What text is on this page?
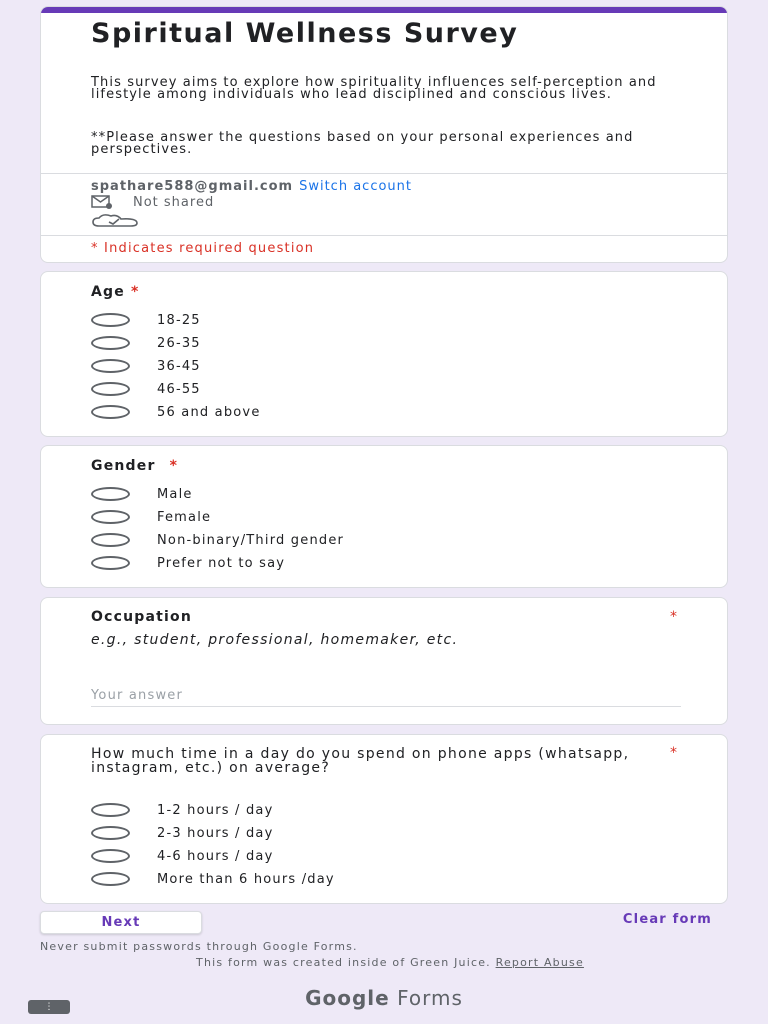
Spiritual Wellness Survey
This survey aims to explore how spirituality influences self-perception and lifestyle among individuals who lead disciplined and conscious lives.
**Please answer the questions based on your personal experiences and perspectives.
spathare588@gmail.com Switch account
Not shared
* Indicates required question
Age *
18-25
26-35
36-45
46-55
56 and above
Gender *
Male
Female
Non-binary/Third gender
Prefer not to say
Occupation	*
e.g., student, professional, homemaker, etc.
Your answer
How much time in a day do you spend on phone apps (whatsapp, instagram, etc.) on average?
*
1-2 hours / day
2-3 hours / day
4-6 hours / day
More than 6 hours /day
Next	Clear form
Never submit passwords through Google Forms.
This form was created inside of Green Juice. Report Abuse
Google Forms
⋮
